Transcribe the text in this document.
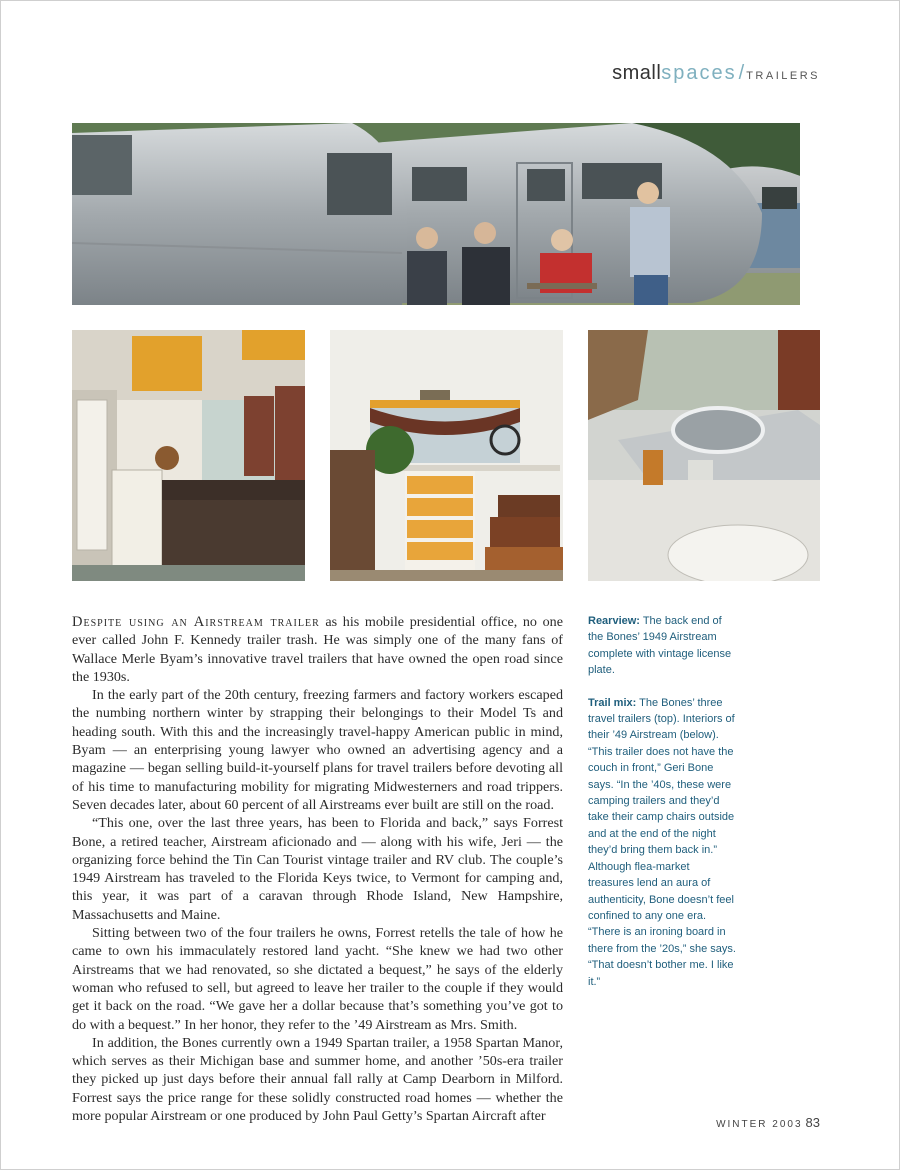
smallspaces / TRAILERS

Despite using an Airstream trailer as his mobile presidential office, no one ever called John F. Kennedy trailer trash. He was simply one of the many fans of Wallace Merle Byam’s innovative travel trailers that have owned the open road since the 1930s.

In the early part of the 20th century, freezing farmers and factory workers escaped the numbing northern winter by strapping their belongings to their Model Ts and heading south. With this and the increasingly travel-happy American public in mind, Byam — an enterprising young lawyer who owned an advertising agency and a magazine — began selling build-it-yourself plans for travel trailers before devoting all of his time to manufacturing mobility for migrating Midwesterners and road trippers. Seven decades later, about 60 percent of all Airstreams ever built are still on the road.

“This one, over the last three years, has been to Florida and back,” says Forrest Bone, a retired teacher, Airstream aficionado and — along with his wife, Jeri — the organizing force behind the Tin Can Tourist vintage trailer and RV club. The couple’s 1949 Airstream has traveled to the Florida Keys twice, to Vermont for camping and, this year, it was part of a caravan through Rhode Island, New Hampshire, Massachusetts and Maine.

Sitting between two of the four trailers he owns, Forrest retells the tale of how he came to own his immaculately restored land yacht. “She knew we had two other Airstreams that we had renovated, so she dictated a bequest,” he says of the elderly woman who refused to sell, but agreed to leave her trailer to the couple if they would get it back on the road. “We gave her a dollar because that’s something you’ve got to do with a bequest.” In her honor, they refer to the ’49 Airstream as Mrs. Smith.

In addition, the Bones currently own a 1949 Spartan trailer, a 1958 Spartan Manor, which serves as their Michigan base and summer home, and another ’50s-era trailer they picked up just days before their annual fall rally at Camp Dearborn in Milford. Forrest says the price range for these solidly constructed road homes — whether the more popular Airstream or one produced by John Paul Getty’s Spartan Aircraft after

Rearview: The back end of the Bones’ 1949 Airstream complete with vintage license plate.

Trail mix: The Bones’ three travel trailers (top). Interiors of their ’49 Airstream (below). “This trailer does not have the couch in front,” Geri Bone says. “In the ’40s, these were camping trailers and they’d take their camp chairs outside and at the end of the night they’d bring them back in.” Although flea-market treasures lend an aura of authenticity, Bone doesn’t feel confined to any one era. “There is an ironing board in there from the ’20s,” she says. “That doesn’t bother me. I like it.”

WINTER 2003 83
